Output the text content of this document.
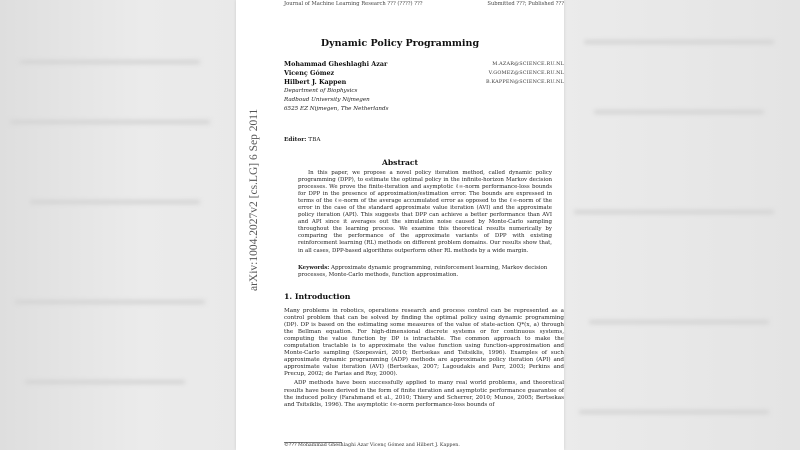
Journal of Machine Learning Research ??? (????) ???	Submitted ???; Published ???
arXiv:1004.2027v2 [cs.LG] 6 Sep 2011
Dynamic Policy Programming
Mohammad Gheshlaghi Azar	M.AZAR@SCIENCE.RU.NL
Vicenç Gómez	V.GOMEZ@SCIENCE.RU.NL
Hilbert J. Kappen	B.KAPPEN@SCIENCE.RU.NL
Department of Biophysics
Radboud University Nijmegen
6525 EZ Nijmegen, The Netherlands
Editor: TBA
Abstract

In this paper, we propose a novel policy iteration method, called dynamic policy programming (DPP), to estimate the optimal policy in the infinite-horizon Markov decision processes. We prove the finite-iteration and asymptotic ℓ∞-norm performance-loss bounds for DPP in the presence of approximation/estimation error. The bounds are expressed in terms of the ℓ∞-norm of the average accumulated error as opposed to the ℓ∞-norm of the error in the case of the standard approximate value iteration (AVI) and the approximate policy iteration (API). This suggests that DPP can achieve a better performance than AVI and API since it averages out the simulation noise caused by Monte-Carlo sampling throughout the learning process. We examine this theoretical results numerically by comparing the performance of the approximate variants of DPP with existing reinforcement learning (RL) methods on different problem domains. Our results show that, in all cases, DPP-based algorithms outperform other RL methods by a wide margin.

Keywords: Approximate dynamic programming, reinforcement learning, Markov decision processes, Monte-Carlo methods, function approximation.
1. Introduction

Many problems in robotics, operations research and process control can be represented as a control problem that can be solved by finding the optimal policy using dynamic programming (DP). DP is based on the estimating some measures of the value of state-action Q*(x, a) through the Bellman equation. For high-dimensional discrete systems or for continuous systems, computing the value function by DP is intractable. The common approach to make the computation tractable is to approximate the value function using function-approximation and Monte-Carlo sampling (Szepesvári, 2010; Bertsekas and Tsitsiklis, 1996). Examples of such approximate dynamic programming (ADP) methods are approximate policy iteration (API) and approximate value iteration (AVI) (Bertsekas, 2007; Lagoudakis and Parr, 2003; Perkins and Precup, 2002; de Farias and Roy, 2000).

ADP methods have been successfully applied to many real world problems, and theoretical results have been derived in the form of finite iteration and asymptotic performance guarantee of the induced policy (Farahmand et al., 2010; Thiery and Scherrer, 2010; Munos, 2005; Bertsekas and Tsitsiklis, 1996). The asymptotic ℓ∞-norm performance-loss bounds of

©??? Mohammad Gheshlaghi Azar Vicenç Gómez and Hilbert J. Kappen.
